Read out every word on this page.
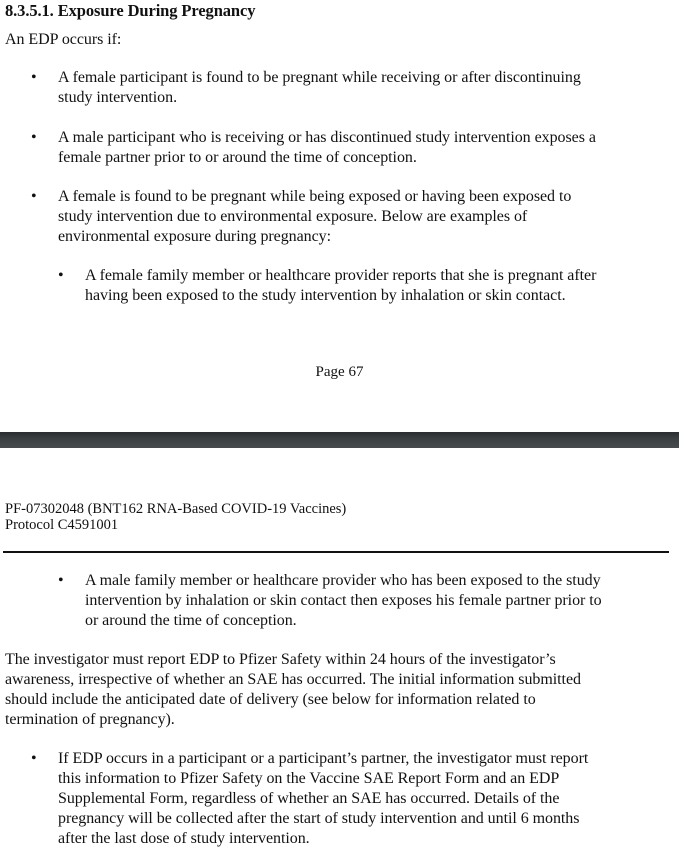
8.3.5.1. Exposure During Pregnancy
An EDP occurs if:
• A female participant is found to be pregnant while receiving or after discontinuing
study intervention.
• A male participant who is receiving or has discontinued study intervention exposes a
female partner prior to or around the time of conception.
• A female is found to be pregnant while being exposed or having been exposed to
study intervention due to environmental exposure. Below are examples of
environmental exposure during pregnancy:
• A female family member or healthcare provider reports that she is pregnant after
having been exposed to the study intervention by inhalation or skin contact.
Page 67
PF-07302048 (BNT162 RNA-Based COVID-19 Vaccines)
Protocol C4591001
• A male family member or healthcare provider who has been exposed to the study
intervention by inhalation or skin contact then exposes his female partner prior to
or around the time of conception.
The investigator must report EDP to Pfizer Safety within 24 hours of the investigator’s
awareness, irrespective of whether an SAE has occurred. The initial information submitted
should include the anticipated date of delivery (see below for information related to
termination of pregnancy).
• If EDP occurs in a participant or a participant’s partner, the investigator must report
this information to Pfizer Safety on the Vaccine SAE Report Form and an EDP
Supplemental Form, regardless of whether an SAE has occurred. Details of the
pregnancy will be collected after the start of study intervention and until 6 months
after the last dose of study intervention.
